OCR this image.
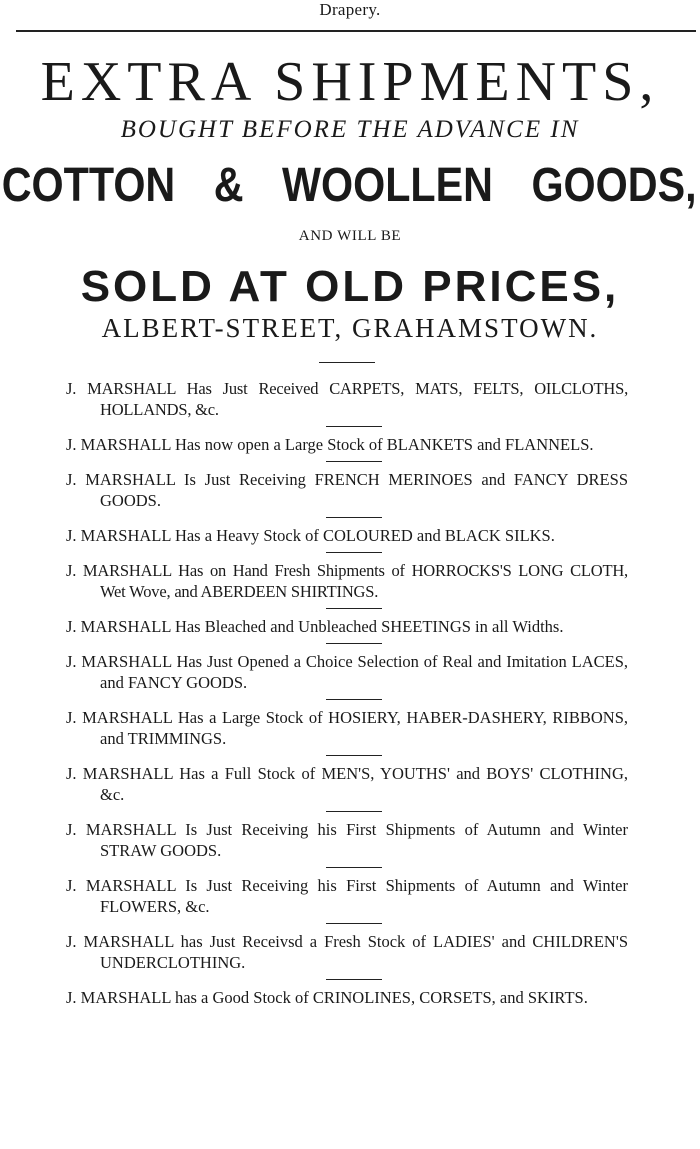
Drapery.
EXTRA SHIPMENTS,
BOUGHT BEFORE THE ADVANCE IN
COTTON & WOOLLEN GOODS,
AND WILL BE
SOLD AT OLD PRICES,
ALBERT-STREET, GRAHAMSTOWN.
J. MARSHALL Has Just Received CARPETS, MATS, FELTS, OILCLOTHS, HOLLANDS, &c.
J. MARSHALL Has now open a Large Stock of BLANKETS and FLANNELS.
J. MARSHALL Is Just Receiving FRENCH MERINOES and FANCY DRESS GOODS.
J. MARSHALL Has a Heavy Stock of COLOURED and BLACK SILKS.
J. MARSHALL Has on Hand Fresh Shipments of HORROCKS'S LONG CLOTH, Wet Wove, and ABERDEEN SHIRTINGS.
J. MARSHALL Has Bleached and Unbleached SHEETINGS in all Widths.
J. MARSHALL Has Just Opened a Choice Selection of Real and Imitation LACES, and FANCY GOODS.
J. MARSHALL Has a Large Stock of HOSIERY, HABER-DASHERY, RIBBONS, and TRIMMINGS.
J. MARSHALL Has a Full Stock of MEN'S, YOUTHS' and BOYS' CLOTHING, &c.
J. MARSHALL Is Just Receiving his First Shipments of Autumn and Winter STRAW GOODS.
J. MARSHALL Is Just Receiving his First Shipments of Autumn and Winter FLOWERS, &c.
J. MARSHALL has Just Receivsd a Fresh Stock of LADIES' and CHILDREN'S UNDERCLOTHING.
J. MARSHALL has a Good Stock of CRINOLINES, CORSETS, and SKIRTS.
